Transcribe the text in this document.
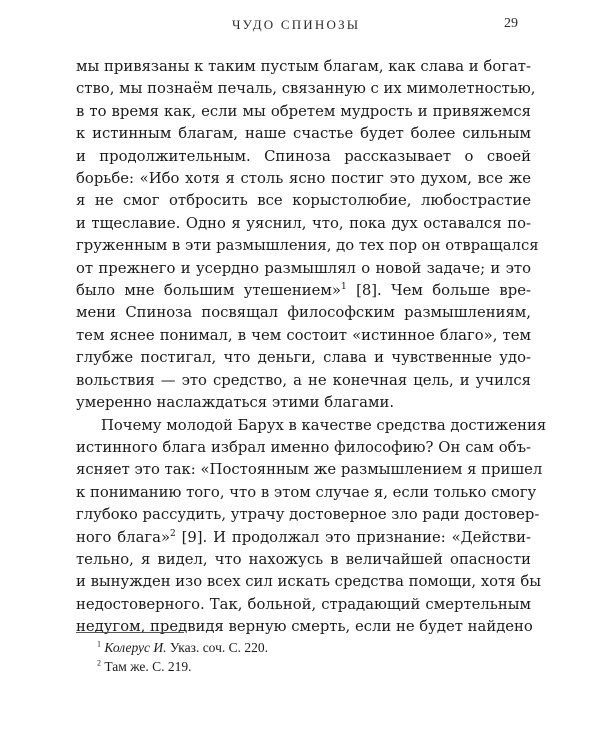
ЧУДО СПИНОЗЫ	29
мы привязаны к таким пустым благам, как слава и богат-
ство, мы познаём печаль, связанную с их мимолетностью,
в то время как, если мы обретем мудрость и привяжемся
к истинным благам, наше счастье будет более сильным
и продолжительным. Спиноза рассказывает о своей
борьбе: «Ибо хотя я столь ясно постиг это духом, все же
я не смог отбросить все корыстолюбие, любострастие
и тщеславие. Одно я уяснил, что, пока дух оставался по-
груженным в эти размышления, до тех пор он отвращался
от прежнего и усердно размышлял о новой задаче; и это
было мне большим утешением»$^1$ [8]. Чем больше вре-
мени Спиноза посвящал философским размышлениям,
тем яснее понимал, в чем состоит «истинное благо», тем
глубже постигал, что деньги, слава и чувственные удо-
вольствия — это средство, а не конечная цель, и учился
умеренно наслаждаться этими благами.
Почему молодой Барух в качестве средства достижения
истинного блага избрал именно философию? Он сам объ-
ясняет это так: «Постоянным же размышлением я пришел
к пониманию того, что в этом случае я, если только смогу
глубоко рассудить, утрачу достоверное зло ради достовер-
ного блага»$^2$ [9]. И продолжал это признание: «Действи-
тельно, я видел, что нахожусь в величайшей опасности
и вынужден изо всех сил искать средства помощи, хотя бы
недостоверного. Так, больной, страдающий смертельным
недугом, предвидя верную смерть, если не будет найдено
$^1$ Колерус И. Указ. соч. С. 220.
$^2$ Там же. С. 219.
